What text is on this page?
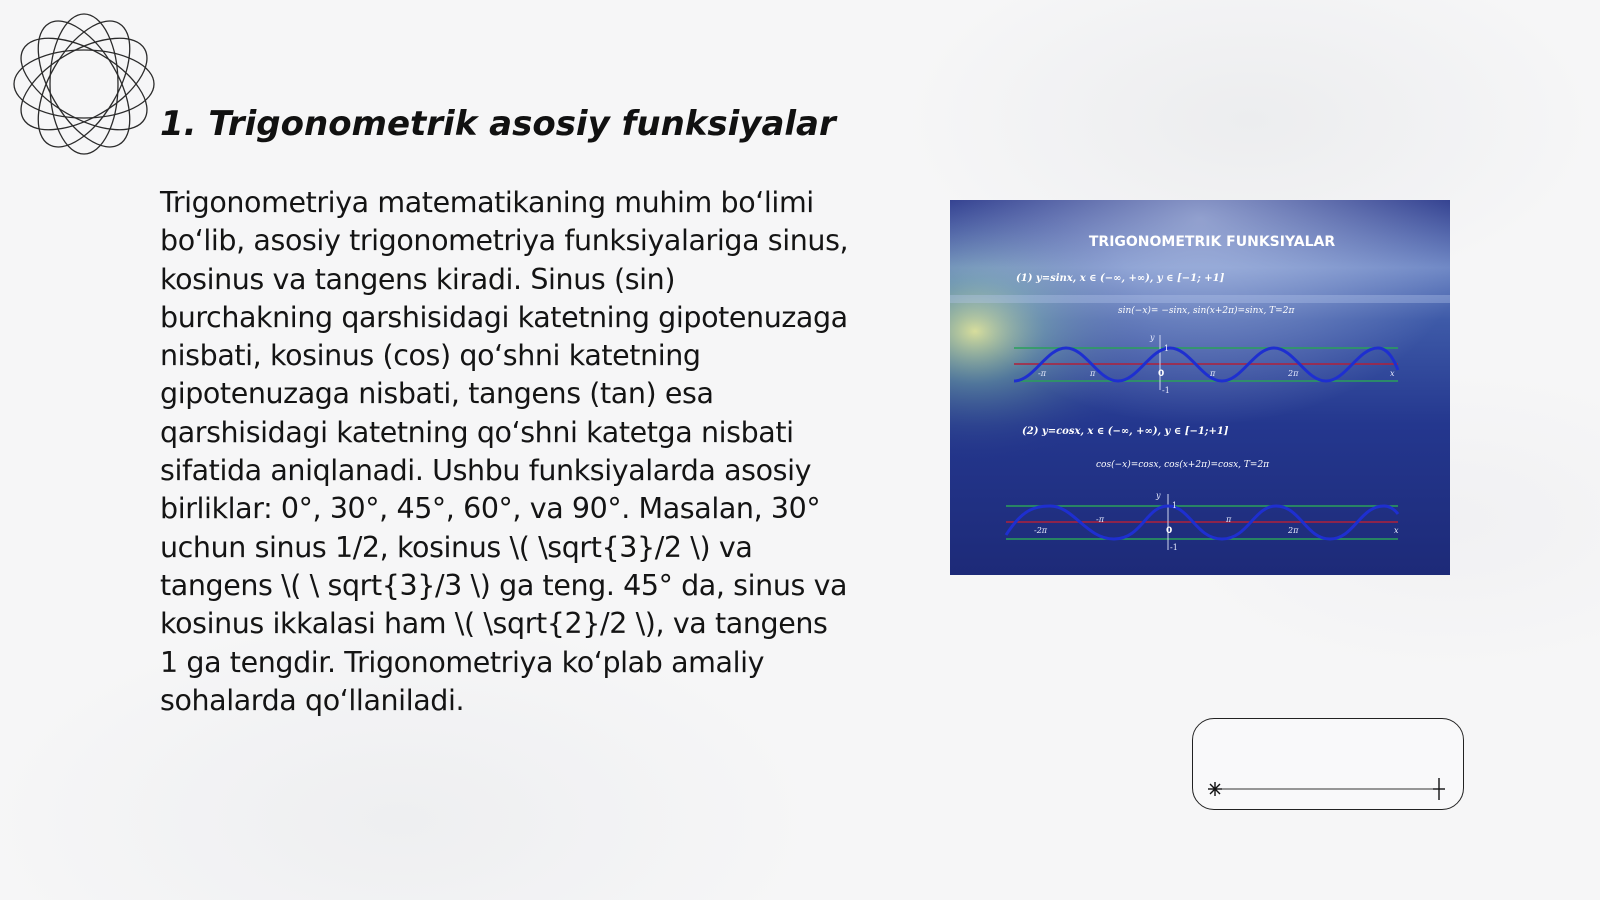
1. Trigonometrik asosiy funksiyalar

Trigonometriya matematikaning muhim bo‘limi bo‘lib, asosiy trigonometriya funksiyalariga sinus, kosinus va tangens kiradi. Sinus (sin) burchakning qarshisidagi katetning gipotenuzaga nisbati, kosinus (cos) qo‘shni katetning gipotenuzaga nisbati, tangens (tan) esa qarshisidagi katetning qo‘shni katetga nisbati sifatida aniqlanadi. Ushbu funksiyalarda asosiy birliklar: 0°, 30°, 45°, 60°, va 90°. Masalan, 30° uchun sinus 1/2, kosinus \( \sqrt{3}/2 \) va tangens \( \ sqrt{3}/3 \) ga teng. 45° da, sinus va kosinus ikkalasi ham \( \sqrt{2}/2 \), va tangens 1 ga tengdir. Trigonometriya ko‘plab amaliy sohalarda qo‘llaniladi.

TRIGONOMETRIK FUNKSIYALAR
(1) y=sinx, x ∈ (−∞, +∞), y ∈ [−1; +1]
sin(−x)= −sinx, sin(x+2π)=sinx, T=2π
-π	π	0	π	2π
1
-1
y
x
(2) y=cosx, x ∈ (−∞, +∞), y ∈ [−1;+1]
cos(−x)=cosx, cos(x+2π)=cosx, T=2π
-2π
-π
0
π
2π
1
-1
y
x
